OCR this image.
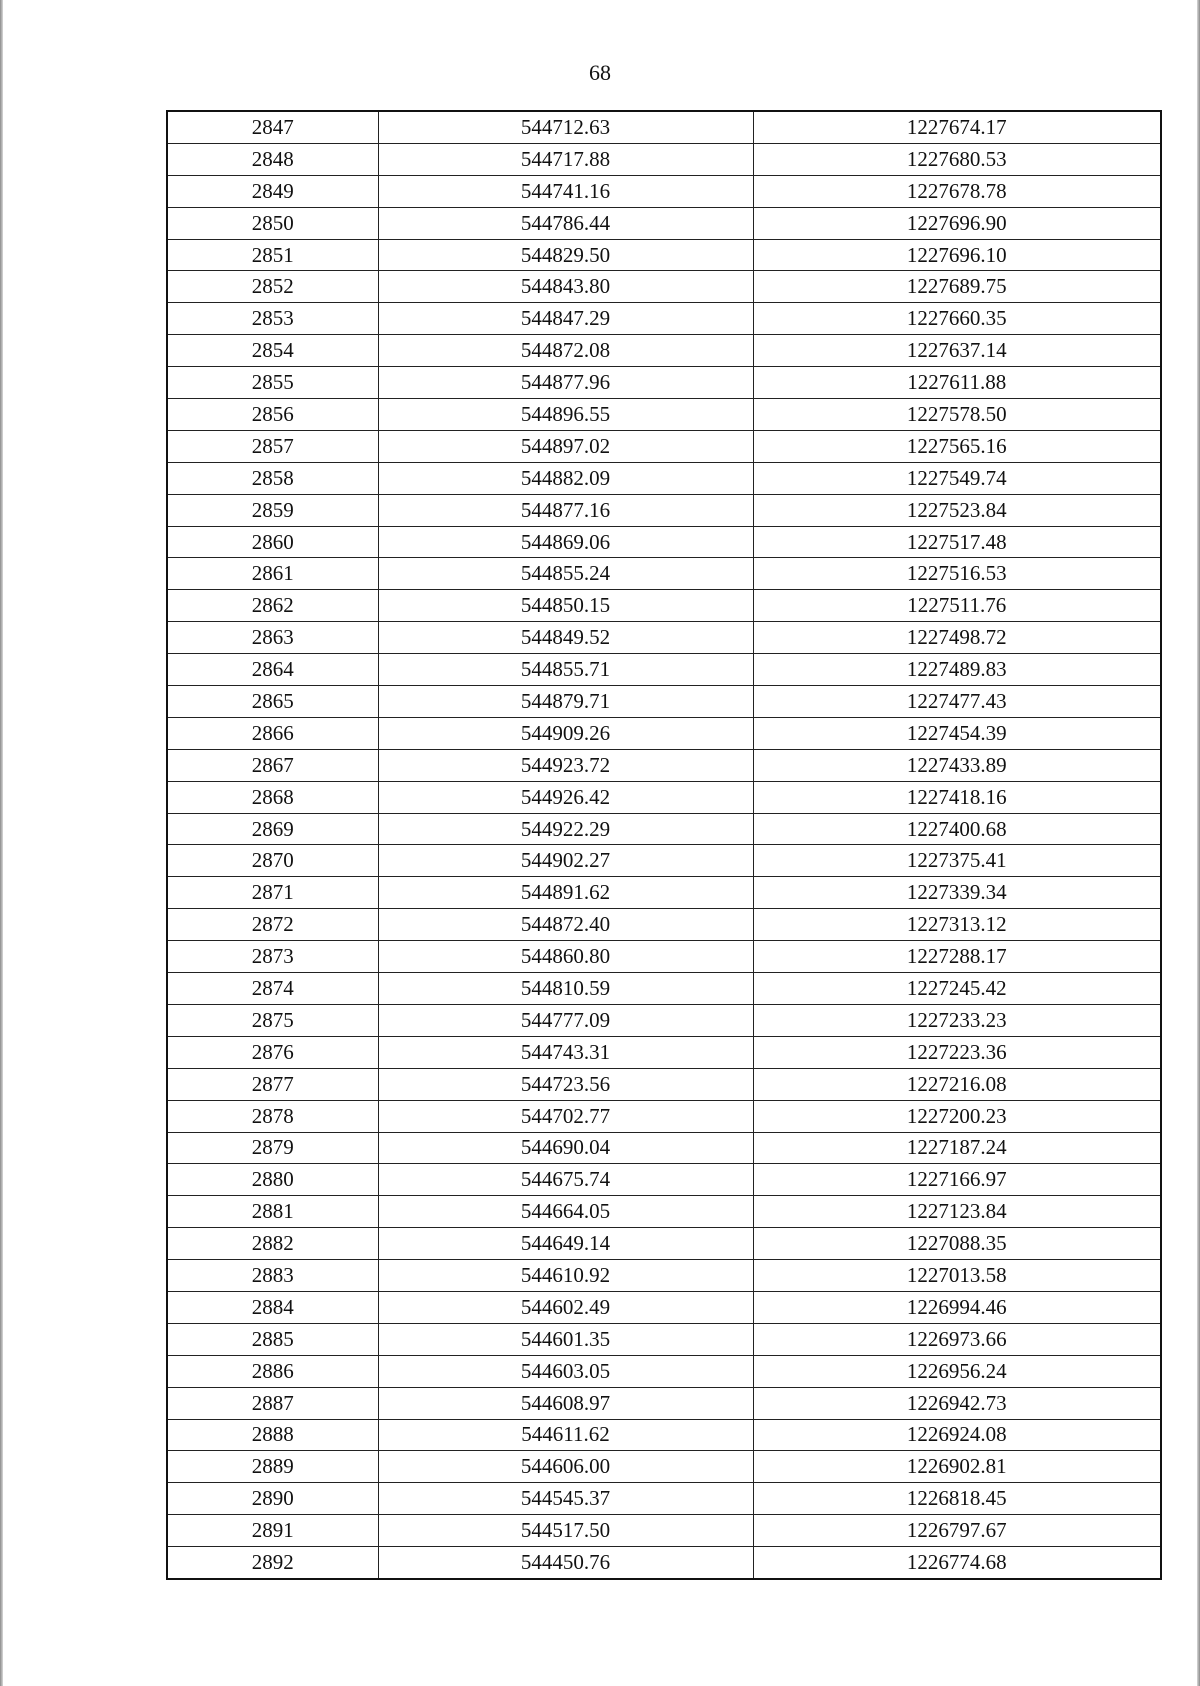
68
2847	544712.63	1227674.17
2848	544717.88	1227680.53
2849	544741.16	1227678.78
2850	544786.44	1227696.90
2851	544829.50	1227696.10
2852	544843.80	1227689.75
2853	544847.29	1227660.35
2854	544872.08	1227637.14
2855	544877.96	1227611.88
2856	544896.55	1227578.50
2857	544897.02	1227565.16
2858	544882.09	1227549.74
2859	544877.16	1227523.84
2860	544869.06	1227517.48
2861	544855.24	1227516.53
2862	544850.15	1227511.76
2863	544849.52	1227498.72
2864	544855.71	1227489.83
2865	544879.71	1227477.43
2866	544909.26	1227454.39
2867	544923.72	1227433.89
2868	544926.42	1227418.16
2869	544922.29	1227400.68
2870	544902.27	1227375.41
2871	544891.62	1227339.34
2872	544872.40	1227313.12
2873	544860.80	1227288.17
2874	544810.59	1227245.42
2875	544777.09	1227233.23
2876	544743.31	1227223.36
2877	544723.56	1227216.08
2878	544702.77	1227200.23
2879	544690.04	1227187.24
2880	544675.74	1227166.97
2881	544664.05	1227123.84
2882	544649.14	1227088.35
2883	544610.92	1227013.58
2884	544602.49	1226994.46
2885	544601.35	1226973.66
2886	544603.05	1226956.24
2887	544608.97	1226942.73
2888	544611.62	1226924.08
2889	544606.00	1226902.81
2890	544545.37	1226818.45
2891	544517.50	1226797.67
2892	544450.76	1226774.68
